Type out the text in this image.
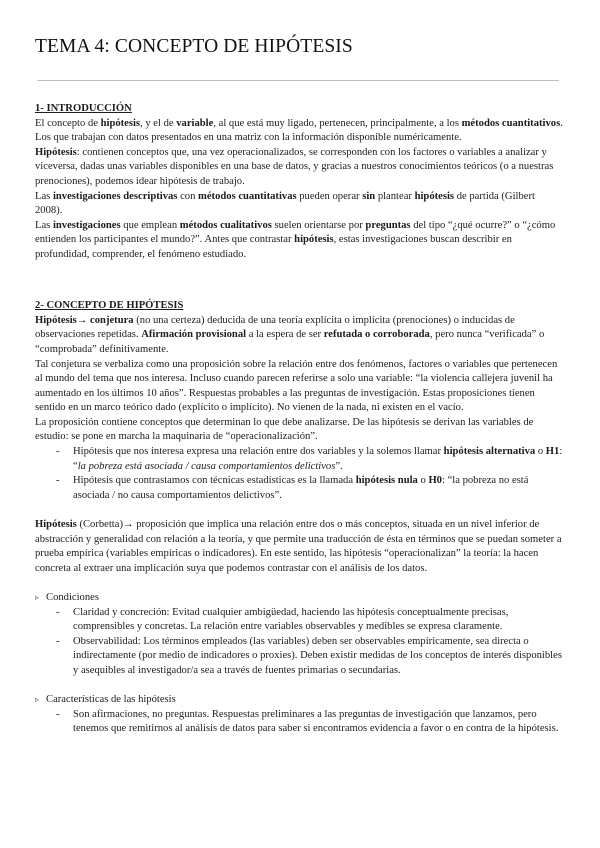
TEMA 4: CONCEPTO DE HIPÓTESIS

1- INTRODUCCIÓN

El concepto de hipótesis, y el de variable, al que está muy ligado, pertenecen, principalmente, a los métodos cuantitativos.

Los que trabajan con datos presentados en una matriz con la información disponible numéricamente.

Hipótesis: contienen conceptos que, una vez operacionalizados, se corresponden con los factores o variables a analizar y viceversa, dadas unas variables disponibles en una base de datos, y gracias a nuestros conocimientos teóricos (o a nuestras prenociones), podemos idear hipótesis de trabajo.

Las investigaciones descriptivas con métodos cuantitativas pueden operar sin plantear hipótesis de partida (Gilbert 2008).

Las investigaciones que emplean métodos cualitativos suelen orientarse por preguntas del tipo “¿qué ocurre?” o “¿cómo entienden los participantes el mundo?”. Antes que contrastar hipótesis, estas investigaciones buscan describir en profundidad, comprender, el fenómeno estudiado.

2- CONCEPTO DE HIPÓTESIS

Hipótesis→ conjetura (no una certeza) deducida de una teoría explícita o implícita (prenociones) o inducidas de observaciones repetidas. Afirmación provisional a la espera de ser refutada o corroborada, pero nunca “verificada” o “comprobada” definitivamente.

Tal conjetura se verbaliza como una proposición sobre la relación entre dos fenómenos, factores o variables que pertenecen al mundo del tema que nos interesa. Incluso cuando parecen referirse a solo una variable: “la violencia callejera juvenil ha aumentado en los últimos 10 años”. Respuestas probables a las preguntas de investigación. Estas proposiciones tienen sentido en un marco teórico dado (explícito o implícito). No vienen de la nada, ni existen en el vacío.

La proposición contiene conceptos que determinan lo que debe analizarse. De las hipótesis se derivan las variables de estudio: se pone en marcha la maquinaria de “operacionalización”.

- Hipótesis que nos interesa expresa una relación entre dos variables y la solemos llamar hipótesis alternativa o H1: “la pobreza está asociada / causa comportamientos delictivos”.
- Hipótesis que contrastamos con técnicas estadísticas es la llamada hipótesis nula o H0: “la pobreza no está asociada / no causa comportamientos delictivos”.

Hipótesis (Corbetta)→ proposición que implica una relación entre dos o más conceptos, situada en un nivel inferior de abstracción y generalidad con relación a la teoría, y que permite una traducción de ésta en términos que se puedan someter a prueba empírica (variables empíricas o indicadores). En este sentido, las hipótesis “operacionalizan” la teoría: la hacen concreta al extraer una implicación suya que podemos contrastar con el análisis de los datos.

▹ Condiciones

- Claridad y concreción: Evitad cualquier ambigüedad, haciendo las hipótesis conceptualmente precisas, comprensibles y concretas. La relación entre variables observables y medibles se expresa claramente.
- Observabilidad: Los términos empleados (las variables) deben ser observables empíricamente, sea directa o indirectamente (por medio de indicadores o proxies). Deben existir medidas de los conceptos de interés disponibles y asequibles al investigador/a sea a través de fuentes primarias o secundarias.

▹ Características de las hipótesis

- Son afirmaciones, no preguntas. Respuestas preliminares a las preguntas de investigación que lanzamos, pero tenemos que remitirnos al análisis de datos para saber si encontramos evidencia a favor o en contra de la hipótesis.
